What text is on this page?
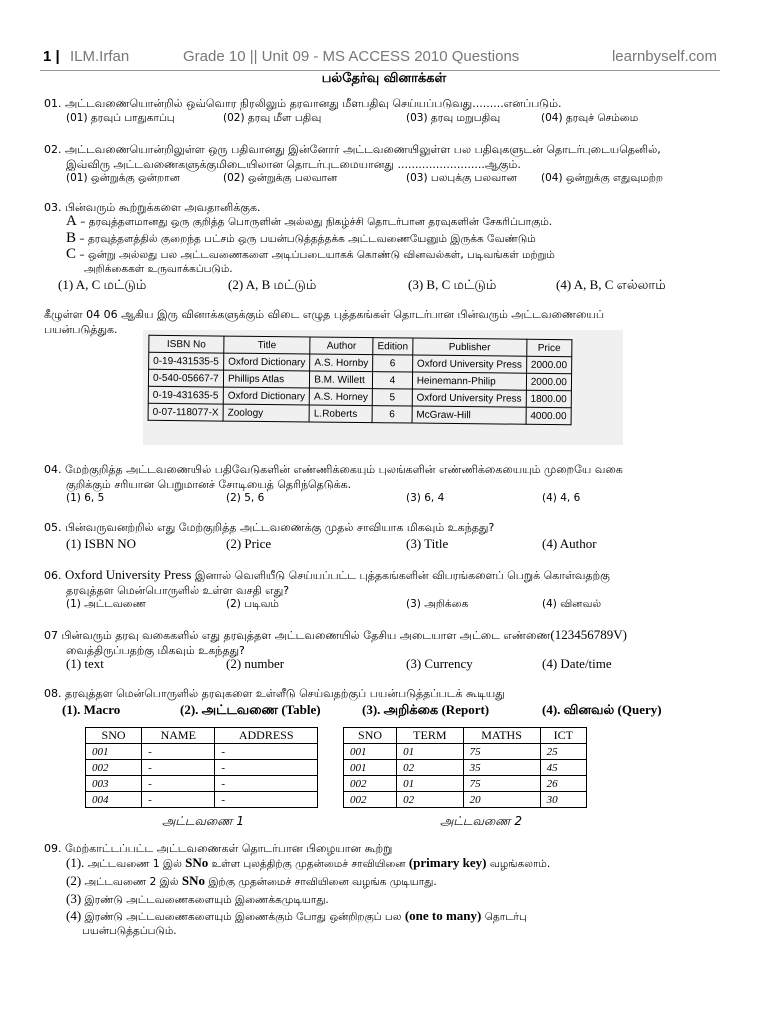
1 | ILM.Irfan	Grade 10 || Unit 09 - MS ACCESS 2010 Questions	learnbyself.com
பல்தேர்வு வினாக்கள்
01. அட்டவணையொன்றில் ஒவ்வொர நிரலிலும் தரவானது மீளபதிவு செய்யப்படுவது.........எனப்படும்.
(01) தரவுப் பாதுகாப்பு	(02) தரவு மீள பதிவு	(03) தரவு மறுபதிவு	(04) தரவுச் செம்மை
02. அட்டவணையொன்றிலுள்ள ஒரு பதிவானது இன்னோர் அட்டவணையிலுள்ள பல பதிவுகளுடன் தொடர்புடையதெனில்,
இவ்விரு அட்டவணைகளுக்குமிடையிலான தொடர்புடமையானது .........................ஆகும்.
(01) ஒன்றுக்கு ஒன்றான	(02) ஒன்றுக்கு பலவான	(03) பலபுக்கு பலவான (04) ஒன்றுக்கு எதுவுமற்ற
03. பின்வரும் கூற்றுக்களை அவதானிக்குக.
A – தரவுத்தளமானது ஒரு குறித்த பொருளின் அல்லது நிகழ்ச்சி தொடர்பான தரவுகளின் சேகரிப்பாகும்.
B – தரவுத்தளத்தில் குறைந்த பட்சம் ஒரு பயன்படுத்தத்தக்க அட்டவணையேனும் இருக்க வேண்டும்
C – ஒன்று அல்லது பல அட்டவணைகளை அடிப்படையாகக் கொண்டு வினவல்கள், படிவங்கள் மற்றும்
அறிக்கைகள் உருவாக்கப்படும்.
(1) A, C மட்டும்	(2) A, B மட்டும்	(3) B, C மட்டும்	(4) A, B, C எல்லாம்
கீழுள்ள 04 06 ஆகிய இரு வினாக்களுக்கும் விடை எழுத புத்தகங்கள் தொடர்பான பின்வரும் அட்டவணையைப்
பயன்படுத்துக.
ISBN No	Title	Author	Edition	Publisher	Price
0-19-431535-5	Oxford Dictionary	A.S. Hornby	6	Oxford University Press	2000.00
0-540-05667-7	Phillips Atlas	B.M. Willett	4	Heinemann-Philip	2000.00
0-19-431635-5	Oxford Dictionary	A.S. Horney	5	Oxford University Press	1800.00
0-07-118077-X	Zoology	L.Roberts	6	McGraw-Hill	4000.00
04. மேற்குறித்த அட்டவணையில் பதிவேடுகளின் எண்ணிக்கையும் புலங்களின் எண்ணிக்கையையும் முறையே வகை
குறிக்கும் சரியான பெறுமானச் சோடியைத் தெரிந்தெடுக்க.
(1) 6, 5	(2) 5, 6	(3) 6, 4	(4) 4, 6
05. பின்வருவனற்றில் எது மேற்குறித்த அட்டவணைக்கு முதல் சாவியாக மிகவும் உகந்தது?
(1) ISBN NO	(2) Price	(3) Title	(4) Author
06. Oxford University Press இனால் வெளியீடு செய்யப்பட்ட புத்தகங்களின் விபரங்களைப் பெறுக் கொள்வதற்கு
தரவுத்தள மென்பொருளில் உள்ள வசதி எது?
(1) அட்டவணை	(2) படிவம்	(3) அறிக்கை	(4) வினவல்
07 பின்வரும் தரவு வகைகளில் எது தரவுத்தள அட்டவணையில் தேசிய அடையாள அட்டை எண்ணை(123456789V)
வைத்திருப்பதற்கு மிகவும் உகந்தது?
(1) text	(2) number	(3) Currency	(4) Date/time
08. தரவுத்தள மென்பொருளில் தரவுகளை உள்ளீடு செய்வதற்குப் பயன்படுத்தப்படக் கூடியது
(1). Macro	(2). அட்டவணை (Table)	(3). அறிக்கை (Report)	(4). வினவல் (Query)
SNO	NAME	ADDRESS
001	-	-
002	-	-
003	-	-
004	-	-
அட்டவணை 1
SNO	TERM	MATHS	ICT
001	01	75	25
001	02	35	45
002	01	75	26
002	02	20	30
அட்டவணை 2
09. மேற்காட்டப்பட்ட அட்டவணைகள் தொடர்பான பிழையான கூற்று
(1). அட்டவணை 1 இல் SNo உள்ள புலத்திற்கு முதன்மைச் சாவியினை (primary key) வழங்கலாம்.
(2) அட்டவணை 2 இல் SNo இற்கு முதன்மைச் சாவியினை வழங்க முடியாது.
(3) இரண்டு அட்டவணைகளையும் இணைக்கமுடியாது.
(4) இரண்டு அட்டவணைகளையும் இணைக்கும் போது ஒன்றிறகுப் பல (one to many) தொடர்பு
பயன்படுத்தப்படும்.
